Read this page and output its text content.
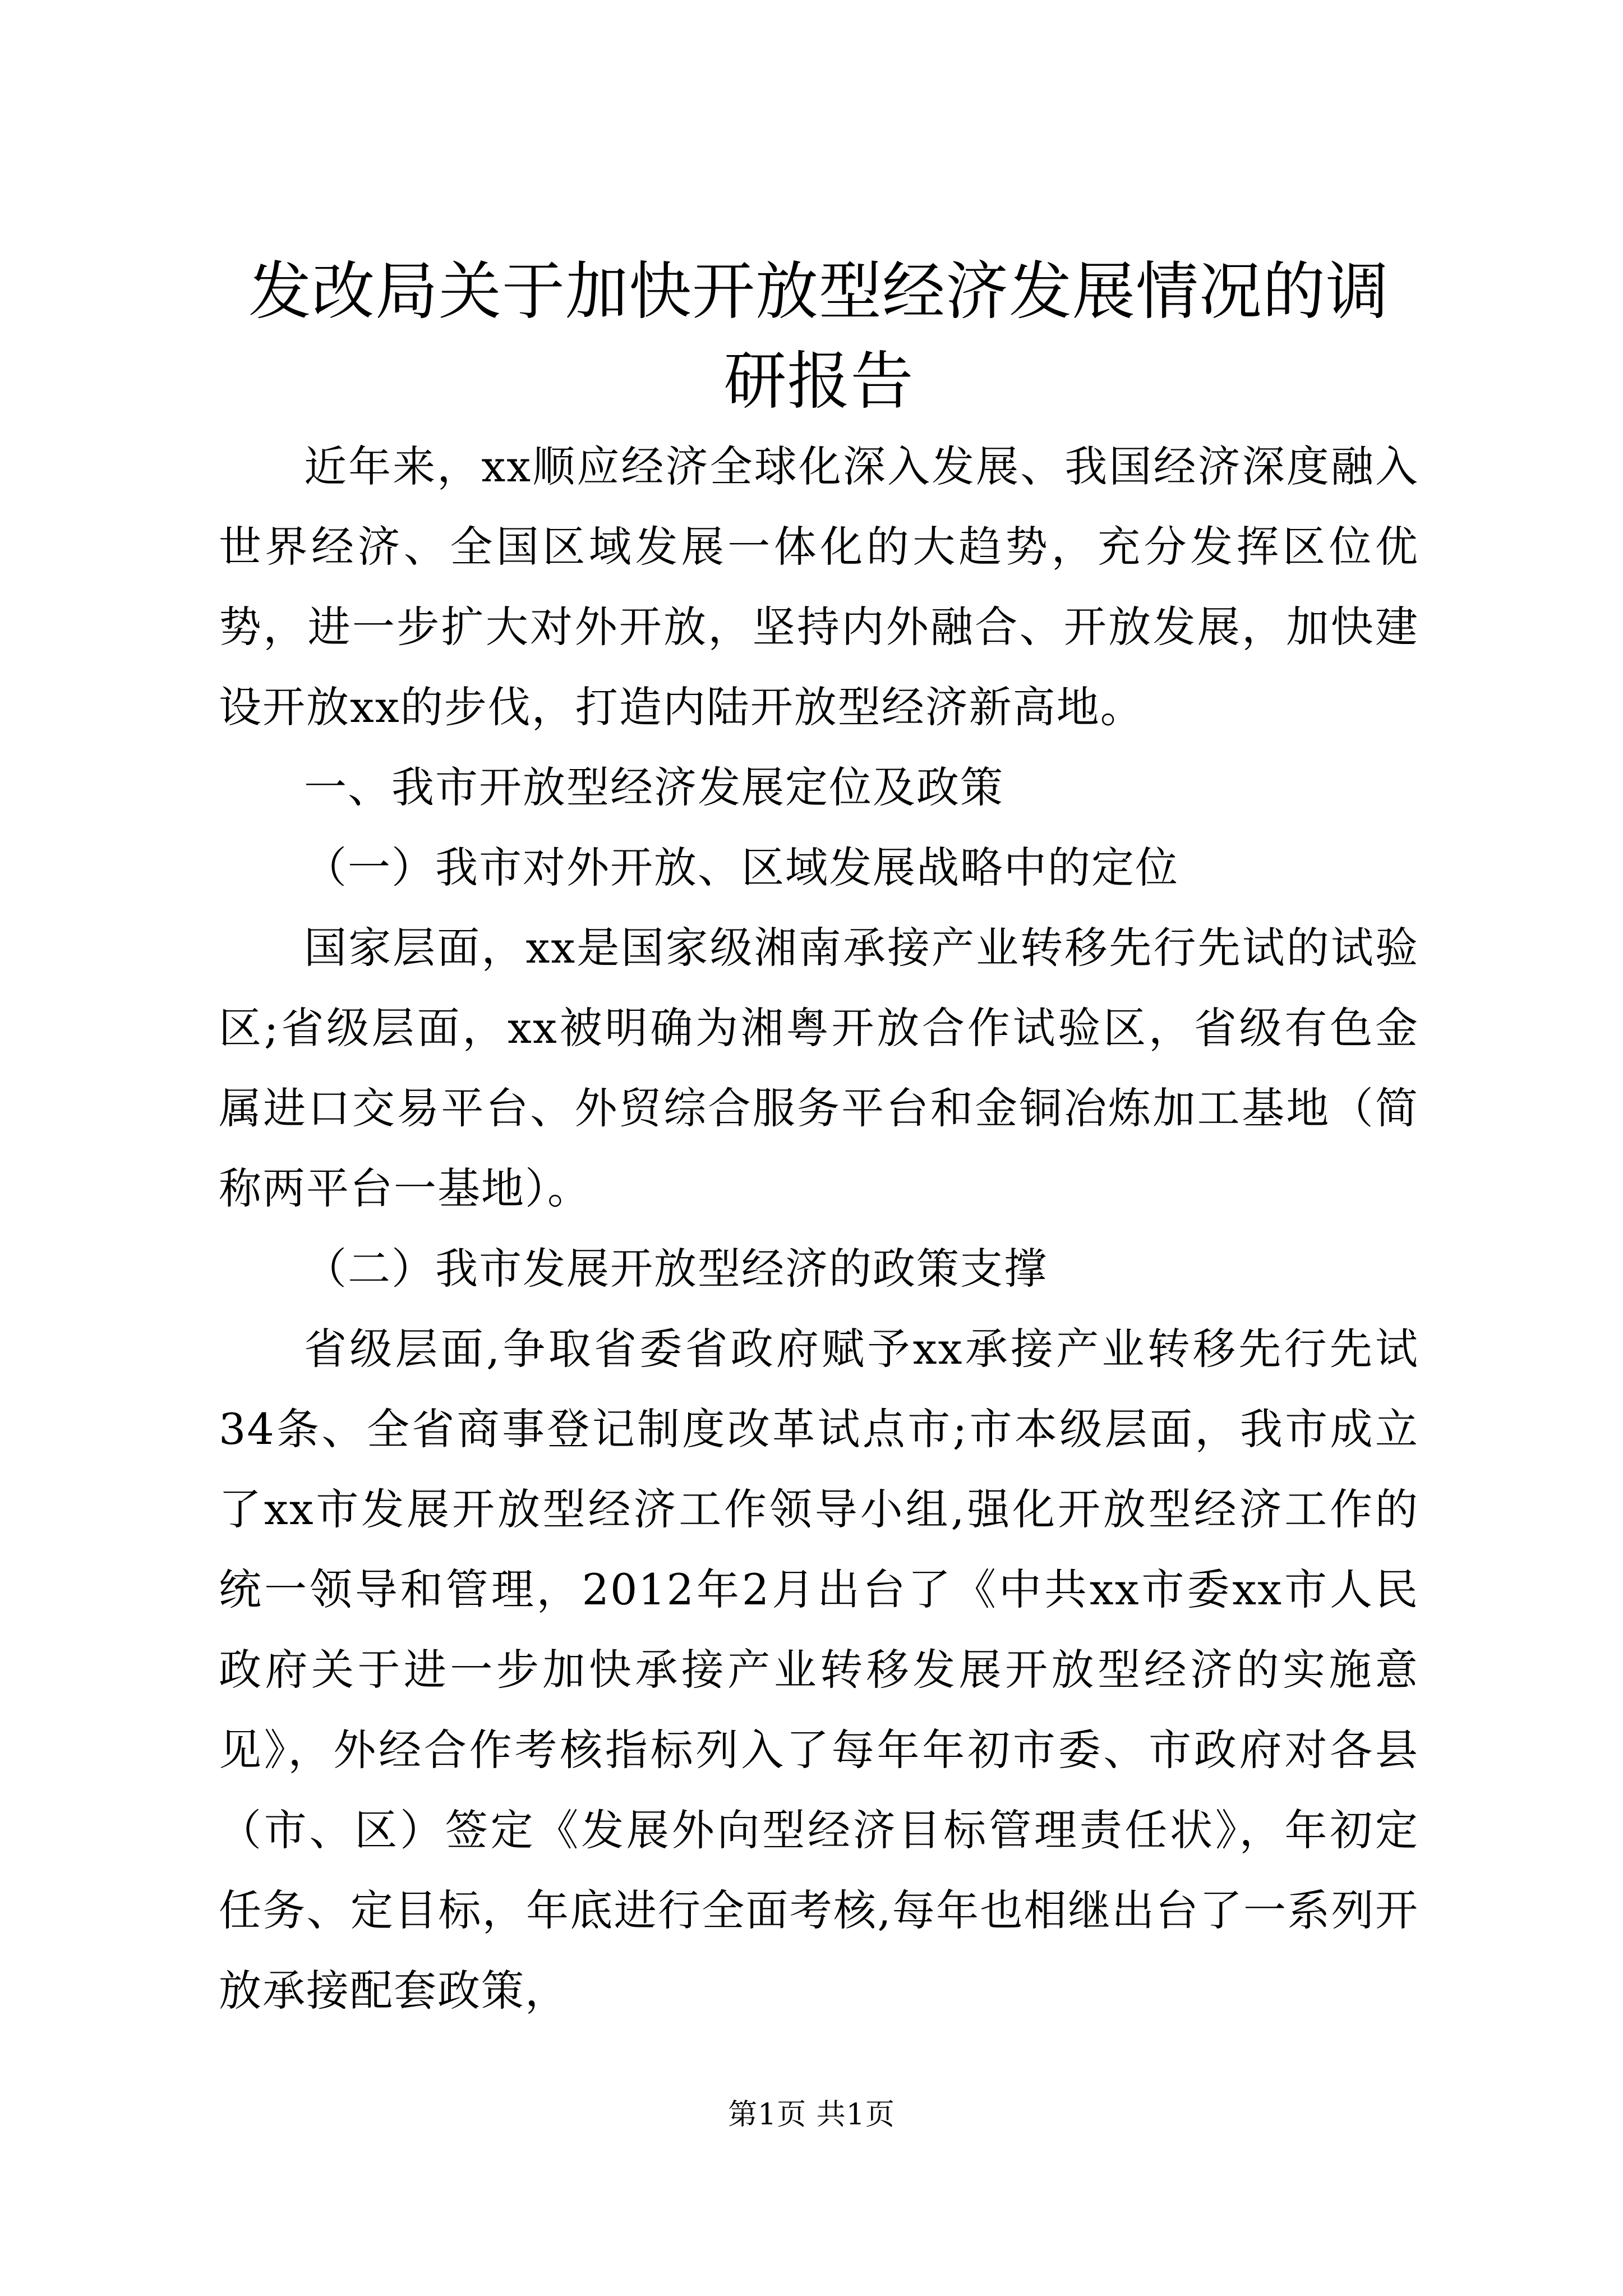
发改局关于加快开放型经济发展情况的调研报告

近年来，xx顺应经济全球化深入发展、我国经济深度融入世界经济、全国区域发展一体化的大趋势，充分发挥区位优势，进一步扩大对外开放，坚持内外融合、开放发展，加快建设开放xx的步伐，打造内陆开放型经济新高地。

一、我市开放型经济发展定位及政策

（一）我市对外开放、区域发展战略中的定位

国家层面，xx是国家级湘南承接产业转移先行先试的试验区;省级层面，xx被明确为湘粤开放合作试验区，省级有色金属进口交易平台、外贸综合服务平台和金铜冶炼加工基地（简称两平台一基地）。

（二）我市发展开放型经济的政策支撑

省级层面,争取省委省政府赋予xx承接产业转移先行先试34条、全省商事登记制度改革试点市;市本级层面，我市成立了xx市发展开放型经济工作领导小组,强化开放型经济工作的统一领导和管理，2012年2月出台了《中共xx市委xx市人民政府关于进一步加快承接产业转移发展开放型经济的实施意见》，外经合作考核指标列入了每年年初市委、市政府对各县（市、区）签定《发展外向型经济目标管理责任状》，年初定任务、定目标，年底进行全面考核,每年也相继出台了一系列开放承接配套政策，

第1页 共1页
